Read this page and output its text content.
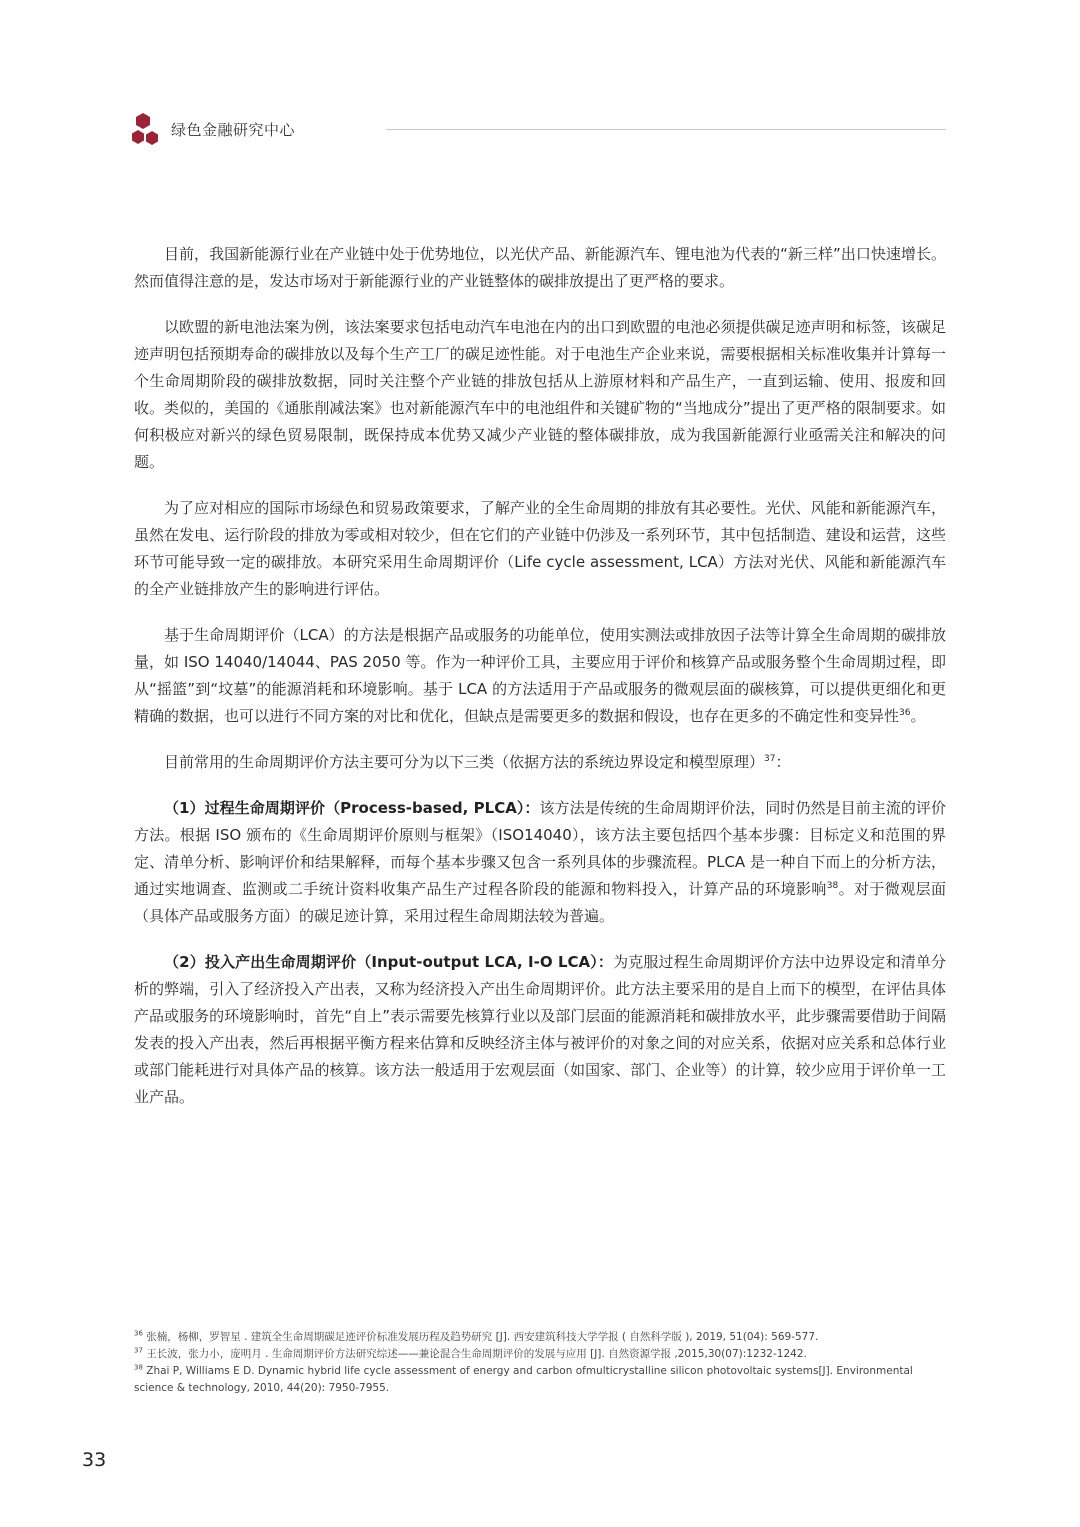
绿色金融研究中心

目前，我国新能源行业在产业链中处于优势地位，以光伏产品、新能源汽车、锂电池为代表的“新三样”出口快速增长。然而值得注意的是，发达市场对于新能源行业的产业链整体的碳排放提出了更严格的要求。

以欧盟的新电池法案为例，该法案要求包括电动汽车电池在内的出口到欧盟的电池必须提供碳足迹声明和标签，该碳足迹声明包括预期寿命的碳排放以及每个生产工厂的碳足迹性能。对于电池生产企业来说，需要根据相关标准收集并计算每一个生命周期阶段的碳排放数据，同时关注整个产业链的排放包括从上游原材料和产品生产，一直到运输、使用、报废和回收。类似的，美国的《通胀削减法案》也对新能源汽车中的电池组件和关键矿物的“当地成分”提出了更严格的限制要求。如何积极应对新兴的绿色贸易限制，既保持成本优势又减少产业链的整体碳排放，成为我国新能源行业亟需关注和解决的问题。

为了应对相应的国际市场绿色和贸易政策要求，了解产业的全生命周期的排放有其必要性。光伏、风能和新能源汽车，虽然在发电、运行阶段的排放为零或相对较少，但在它们的产业链中仍涉及一系列环节，其中包括制造、建设和运营，这些环节可能导致一定的碳排放。本研究采用生命周期评价（Life cycle assessment, LCA）方法对光伏、风能和新能源汽车的全产业链排放产生的影响进行评估。

基于生命周期评价（LCA）的方法是根据产品或服务的功能单位，使用实测法或排放因子法等计算全生命周期的碳排放量，如 ISO 14040/14044、PAS 2050 等。作为一种评价工具，主要应用于评价和核算产品或服务整个生命周期过程，即从“摇篮”到“坟墓”的能源消耗和环境影响。基于 LCA 的方法适用于产品或服务的微观层面的碳核算，可以提供更细化和更精确的数据，也可以进行不同方案的对比和优化，但缺点是需要更多的数据和假设，也存在更多的不确定性和变异性$^{36}$。

目前常用的生命周期评价方法主要可分为以下三类（依据方法的系统边界设定和模型原理）$^{37}$：

（1）过程生命周期评价（Process-based, PLCA）：该方法是传统的生命周期评价法，同时仍然是目前主流的评价方法。根据 ISO 颁布的《生命周期评价原则与框架》（ISO14040），该方法主要包括四个基本步骤：目标定义和范围的界定、清单分析、影响评价和结果解释，而每个基本步骤又包含一系列具体的步骤流程。PLCA 是一种自下而上的分析方法，通过实地调查、监测或二手统计资料收集产品生产过程各阶段的能源和物料投入，计算产品的环境影响$^{38}$。对于微观层面（具体产品或服务方面）的碳足迹计算，采用过程生命周期法较为普遍。

（2）投入产出生命周期评价（Input-output LCA, I-O LCA）：为克服过程生命周期评价方法中边界设定和清单分析的弊端，引入了经济投入产出表，又称为经济投入产出生命周期评价。此方法主要采用的是自上而下的模型，在评估具体产品或服务的环境影响时，首先“自上”表示需要先核算行业以及部门层面的能源消耗和碳排放水平，此步骤需要借助于间隔发表的投入产出表，然后再根据平衡方程来估算和反映经济主体与被评价的对象之间的对应关系，依据对应关系和总体行业或部门能耗进行对具体产品的核算。该方法一般适用于宏观层面（如国家、部门、企业等）的计算，较少应用于评价单一工业产品。

$^{36}$ 张楠，杨柳，罗智星 . 建筑全生命周期碳足迹评价标准发展历程及趋势研究 [J]. 西安建筑科技大学学报 ( 自然科学版 ), 2019, 51(04): 569-577.

$^{37}$ 王长波，张力小，庞明月 . 生命周期评价方法研究综述——兼论混合生命周期评价的发展与应用 [J]. 自然资源学报 ,2015,30(07):1232-1242.

$^{38}$ Zhai P, Williams E D. Dynamic hybrid life cycle assessment of energy and carbon ofmulticrystalline silicon photovoltaic systems[J]. Environmental science & technology, 2010, 44(20): 7950-7955.

33
